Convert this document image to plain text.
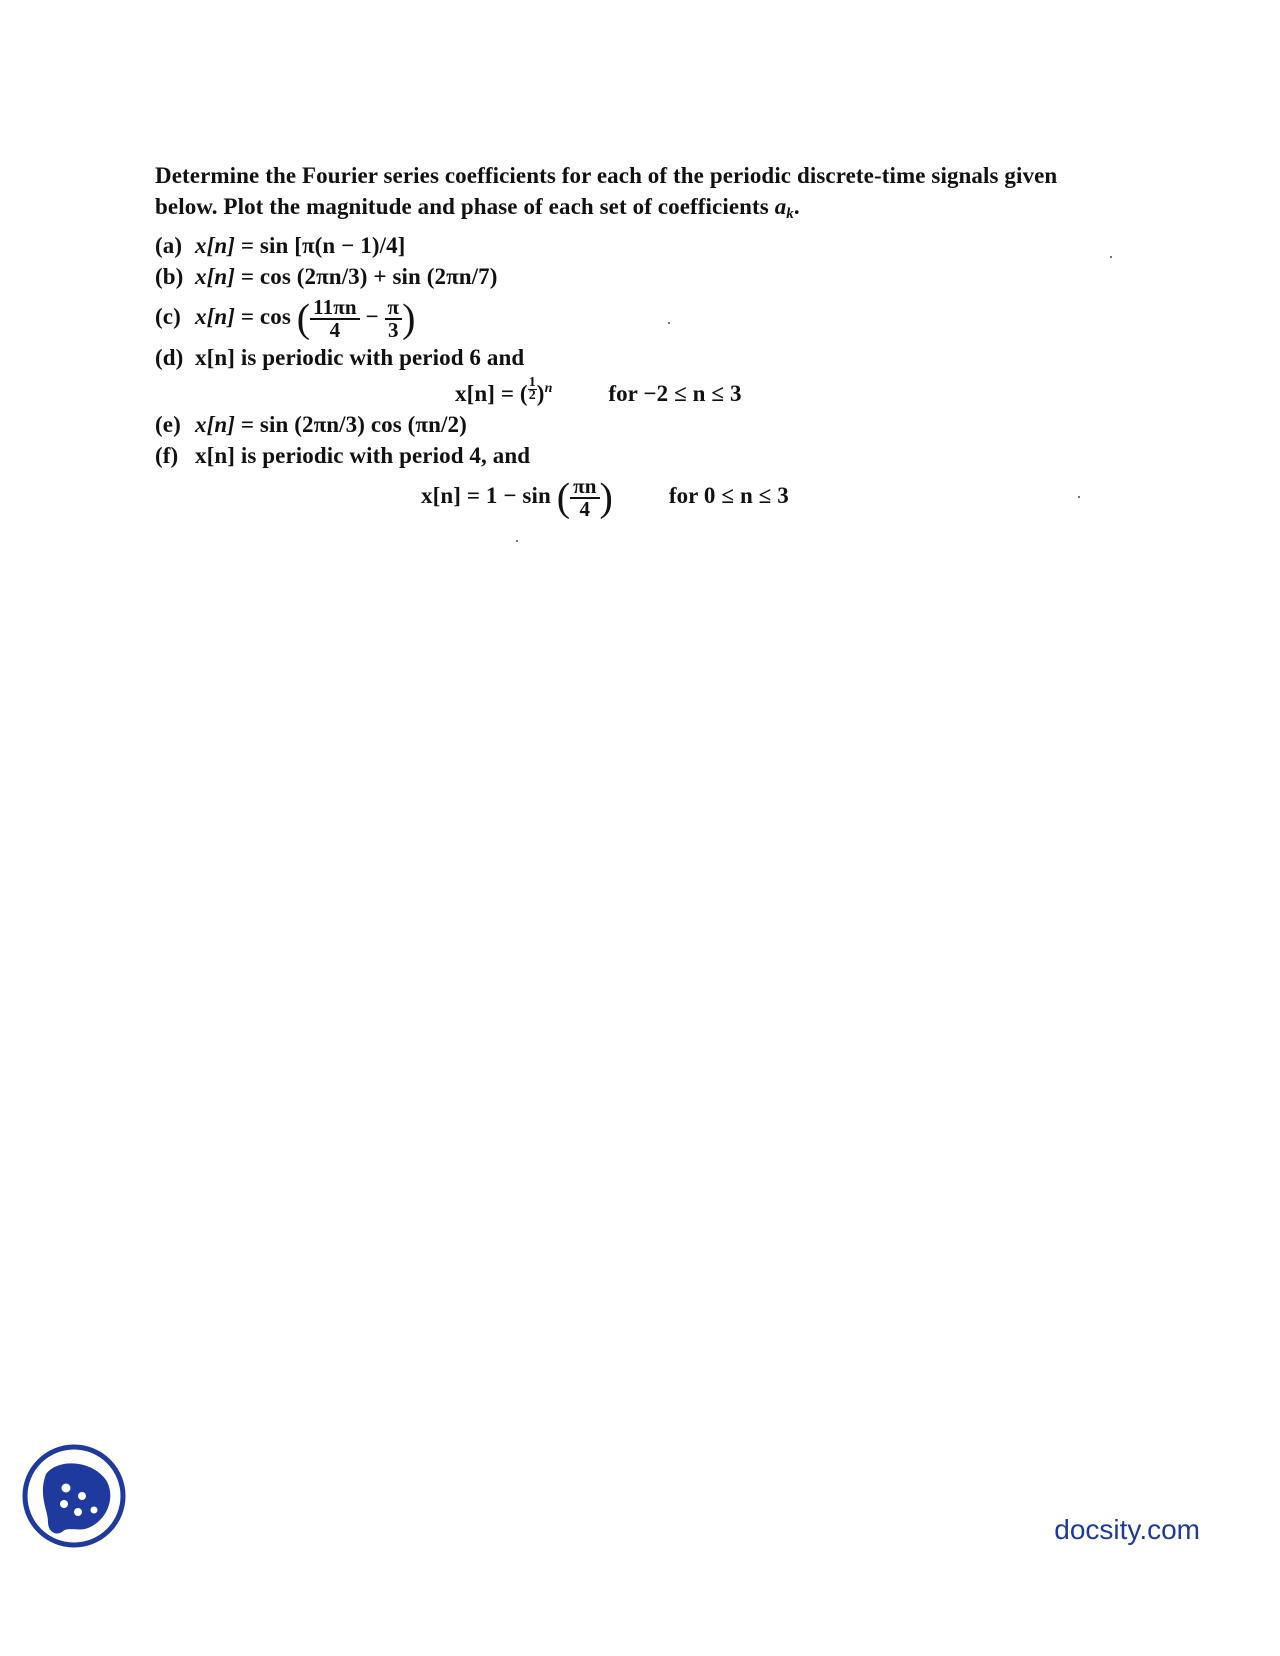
Determine the Fourier series coefficients for each of the periodic discrete-time signals given below. Plot the magnitude and phase of each set of coefficients $a_k$.

(a) x[n] = sin [π(n − 1)/4]

(b) x[n] = cos (2πn/3) + sin (2πn/7)

(c) x[n] = cos ( $\frac{11\pi n}{4} - \frac{\pi}{3}$ )

(d) x[n] is periodic with period 6 and

x[n] = ( $\frac{1}{2} )^n$ for −2 ≤ n ≤ 3

(e) x[n] = sin (2πn/3) cos (πn/2)

(f) x[n] is periodic with period 4, and

x[n] = 1 − sin ( $\frac{\pi n}{4}$ ) for 0 ≤ n ≤ 3

docsity.com
